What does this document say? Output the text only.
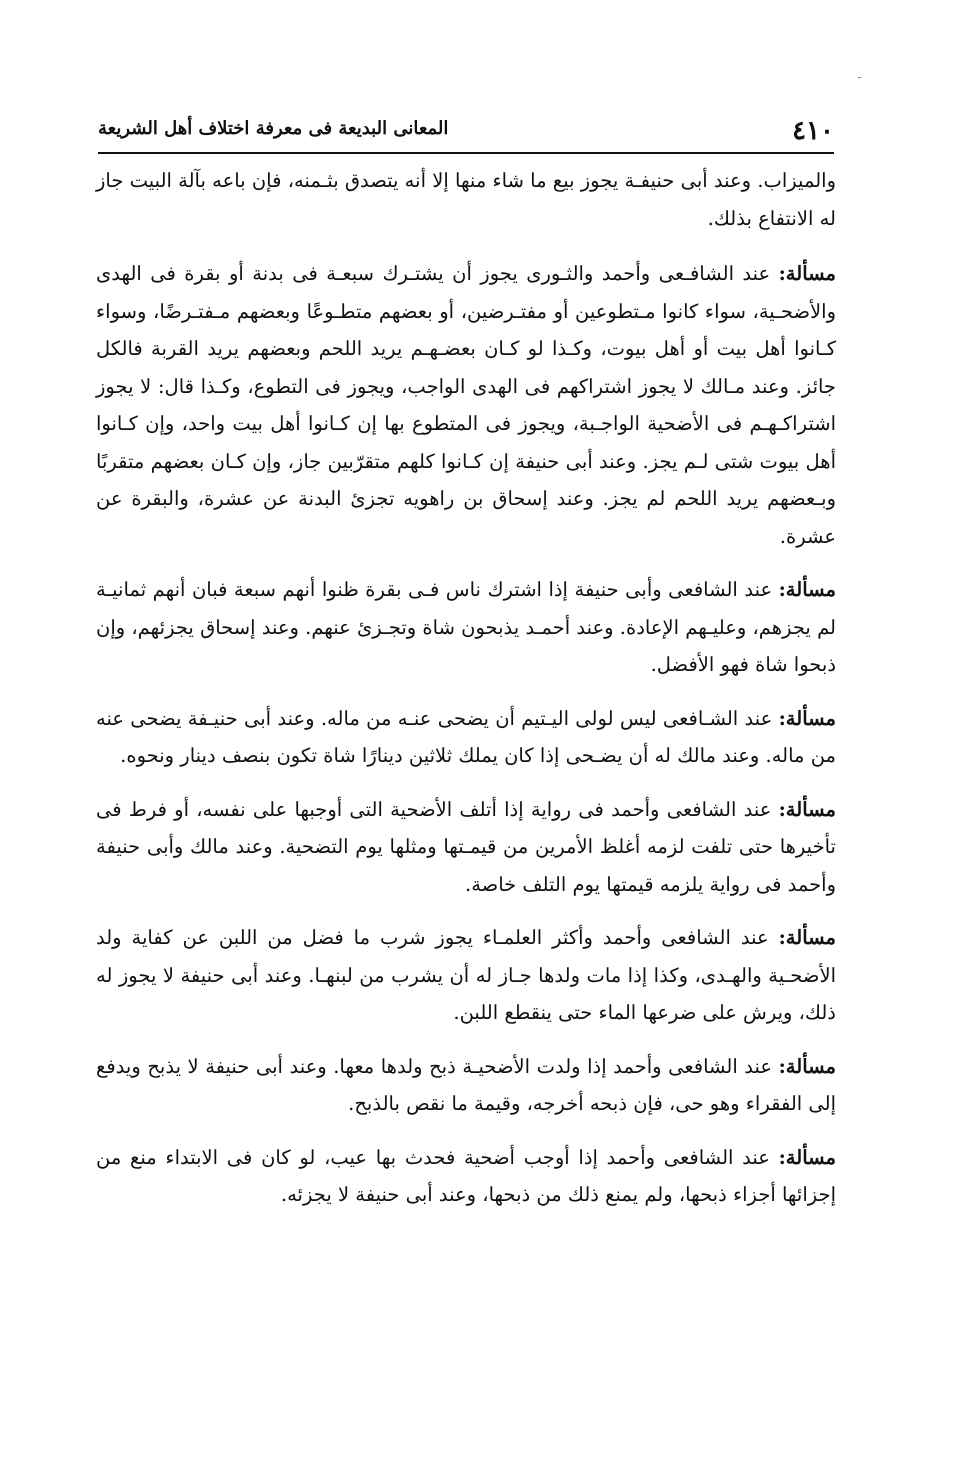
ـ
٤١٠
المعانى البديعة فى معرفة اختلاف أهل الشريعة

والميزاب. وعند أبى حنيفـة يجوز بيع ما شاء منها إلا أنه يتصدق بثـمنه، فإن باعه بآلة البيت جاز له الانتفاع بذلك.

مسألة: عند الشافـعى وأحمد والثـورى يجوز أن يشتـرك سبعـة فى بدنة أو بقرة فى الهدى والأضحـية، سواء كانوا مـتطوعين أو مفتـرضين، أو بعضهم متطـوعًا وبعضهم مـفتـرضًا، وسواء كـانوا أهل بيت أو أهل بيوت، وكـذا لو كـان بعضـهـم يريد اللحم وبعضهم يريد القربة فالكل جائز. وعند مـالك لا يجوز اشتراكهم فى الهدى الواجب، ويجوز فى التطوع، وكـذا قال: لا يجوز اشتراكـهـم فى الأضحية الواجـبة، ويجوز فى المتطوع بها إن كـانوا أهل بيت واحد، وإن كـانوا أهل بيوت شتى لـم يجز. وعند أبى حنيفة إن كـانوا كلهم متقرّبين جاز، وإن كـان بعضهم متقربًا وبـعضهم يريد اللحم لم يجز. وعند إسحاق بن راهويه تجزئ البدنة عن عشرة، والبقرة عن عشرة.

مسألة: عند الشافعى وأبى حنيفة إذا اشترك ناس فـى بقرة ظنوا أنهم سبعة فبان أنهم ثمانيـة لم يجزهم، وعليـهم الإعادة. وعند أحمـد يذبحون شاة وتجـزئ عنهم. وعند إسحاق يجزئهم، وإن ذبحوا شاة فهو الأفضل.

مسألة: عند الشـافعى ليس لولى اليـتيم أن يضحى عنـه من ماله. وعند أبى حنيـفة يضحى عنه من ماله. وعند مالك له أن يضـحى إذا كان يملك ثلاثين دينارًا شاة تكون بنصف دينار ونحوه.

مسألة: عند الشافعى وأحمد فى رواية إذا أتلف الأضحية التى أوجبها على نفسه، أو فرط فى تأخيرها حتى تلفت لزمه أغلظ الأمرين من قيمـتها ومثلها يوم التضحية. وعند مالك وأبى حنيفة وأحمد فى رواية يلزمه قيمتها يوم التلف خاصة.

مسألة: عند الشافعى وأحمد وأكثر العلمـاء يجوز شرب ما فضل من اللبن عن كفاية ولد الأضحـية والهـدى، وكذا إذا مات ولدها جـاز له أن يشرب من لبنهـا. وعند أبى حنيفة لا يجوز له ذلك، ويرش على ضرعها الماء حتى ينقطع اللبن.

مسألة: عند الشافعى وأحمد إذا ولدت الأضحيـة ذبح ولدها معها. وعند أبى حنيفة لا يذبح ويدفع إلى الفقراء وهو حى، فإن ذبحه أخرجه، وقيمة ما نقص بالذبح.

مسألة: عند الشافعى وأحمد إذا أوجب أضحية فحدث بها عيب، لو كان فى الابتداء منع من إجزائها أجزاء ذبحها، ولم يمنع ذلك من ذبحها، وعند أبى حنيفة لا يجزئه.
